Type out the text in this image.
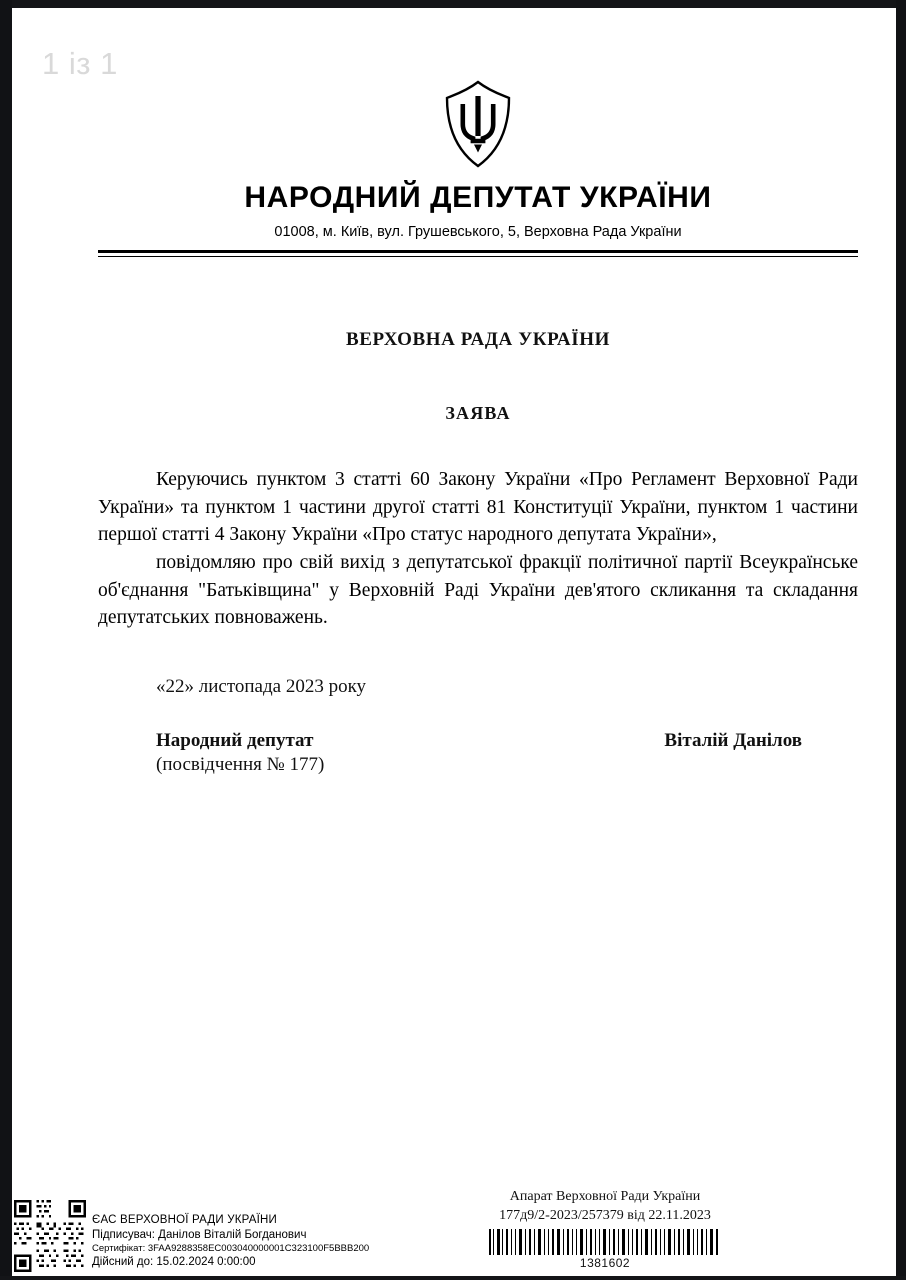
1 із 1
НАРОДНИЙ ДЕПУТАТ УКРАЇНИ
01008, м. Київ, вул. Грушевського, 5, Верховна Рада України
ВЕРХОВНА РАДА УКРАЇНИ
ЗАЯВА

Керуючись пунктом 3 статті 60 Закону України «Про Регламент Верховної Ради України» та пунктом 1 частини другої статті 81 Конституції України, пунктом 1 частини першої статті 4 Закону України «Про статус народного депутата України»,

повідомляю про свій вихід з депутатської фракції політичної партії Всеукраїнське об'єднання "Батьківщина" у Верховній Раді України дев'ятого скликання та складання депутатських повноважень.

«22» листопада 2023 року
Народний депутат
(посвідчення № 177)
Віталій Данілов
ЄАС ВЕРХОВНОЇ РАДИ УКРАЇНИ
Підписувач: Данілов Віталій Богданович
Сертифікат: 3FAA9288358EC003040000001C323100F5BBB200
Дійсний до: 15.02.2024 0:00:00
Апарат Верховної Ради України
177д9/2-2023/257379 від 22.11.2023
1381602
